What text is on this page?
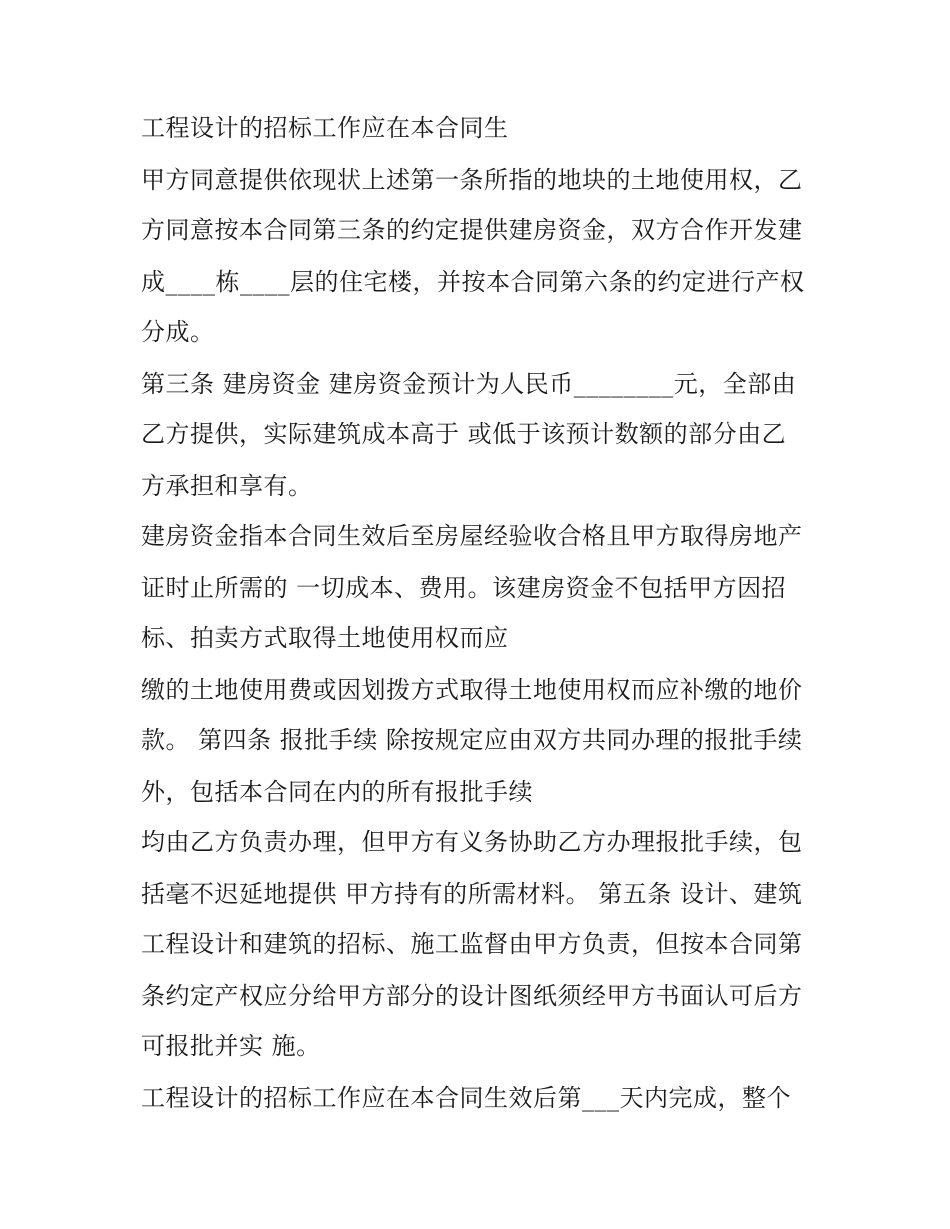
工程设计的招标工作应在本合同生
甲方同意提供依现状上述第一条所指的地块的土地使用权，乙
方同意按本合同第三条的约定提供建房资金，双方合作开发建
成____栋____层的住宅楼，并按本合同第六条的约定进行产权
分成。
第三条 建房资金 建房资金预计为人民币________元，全部由
乙方提供，实际建筑成本高于 或低于该预计数额的部分由乙
方承担和享有。
建房资金指本合同生效后至房屋经验收合格且甲方取得房地产
证时止所需的 一切成本、费用。该建房资金不包括甲方因招
标、拍卖方式取得土地使用权而应
缴的土地使用费或因划拨方式取得土地使用权而应补缴的地价
款。 第四条 报批手续 除按规定应由双方共同办理的报批手续
外，包括本合同在内的所有报批手续
均由乙方负责办理，但甲方有义务协助乙方办理报批手续，包
括毫不迟延地提供 甲方持有的所需材料。 第五条 设计、建筑
工程设计和建筑的招标、施工监督由甲方负责，但按本合同第
条约定产权应分给甲方部分的设计图纸须经甲方书面认可后方
可报批并实 施。
工程设计的招标工作应在本合同生效后第___天内完成，整个
